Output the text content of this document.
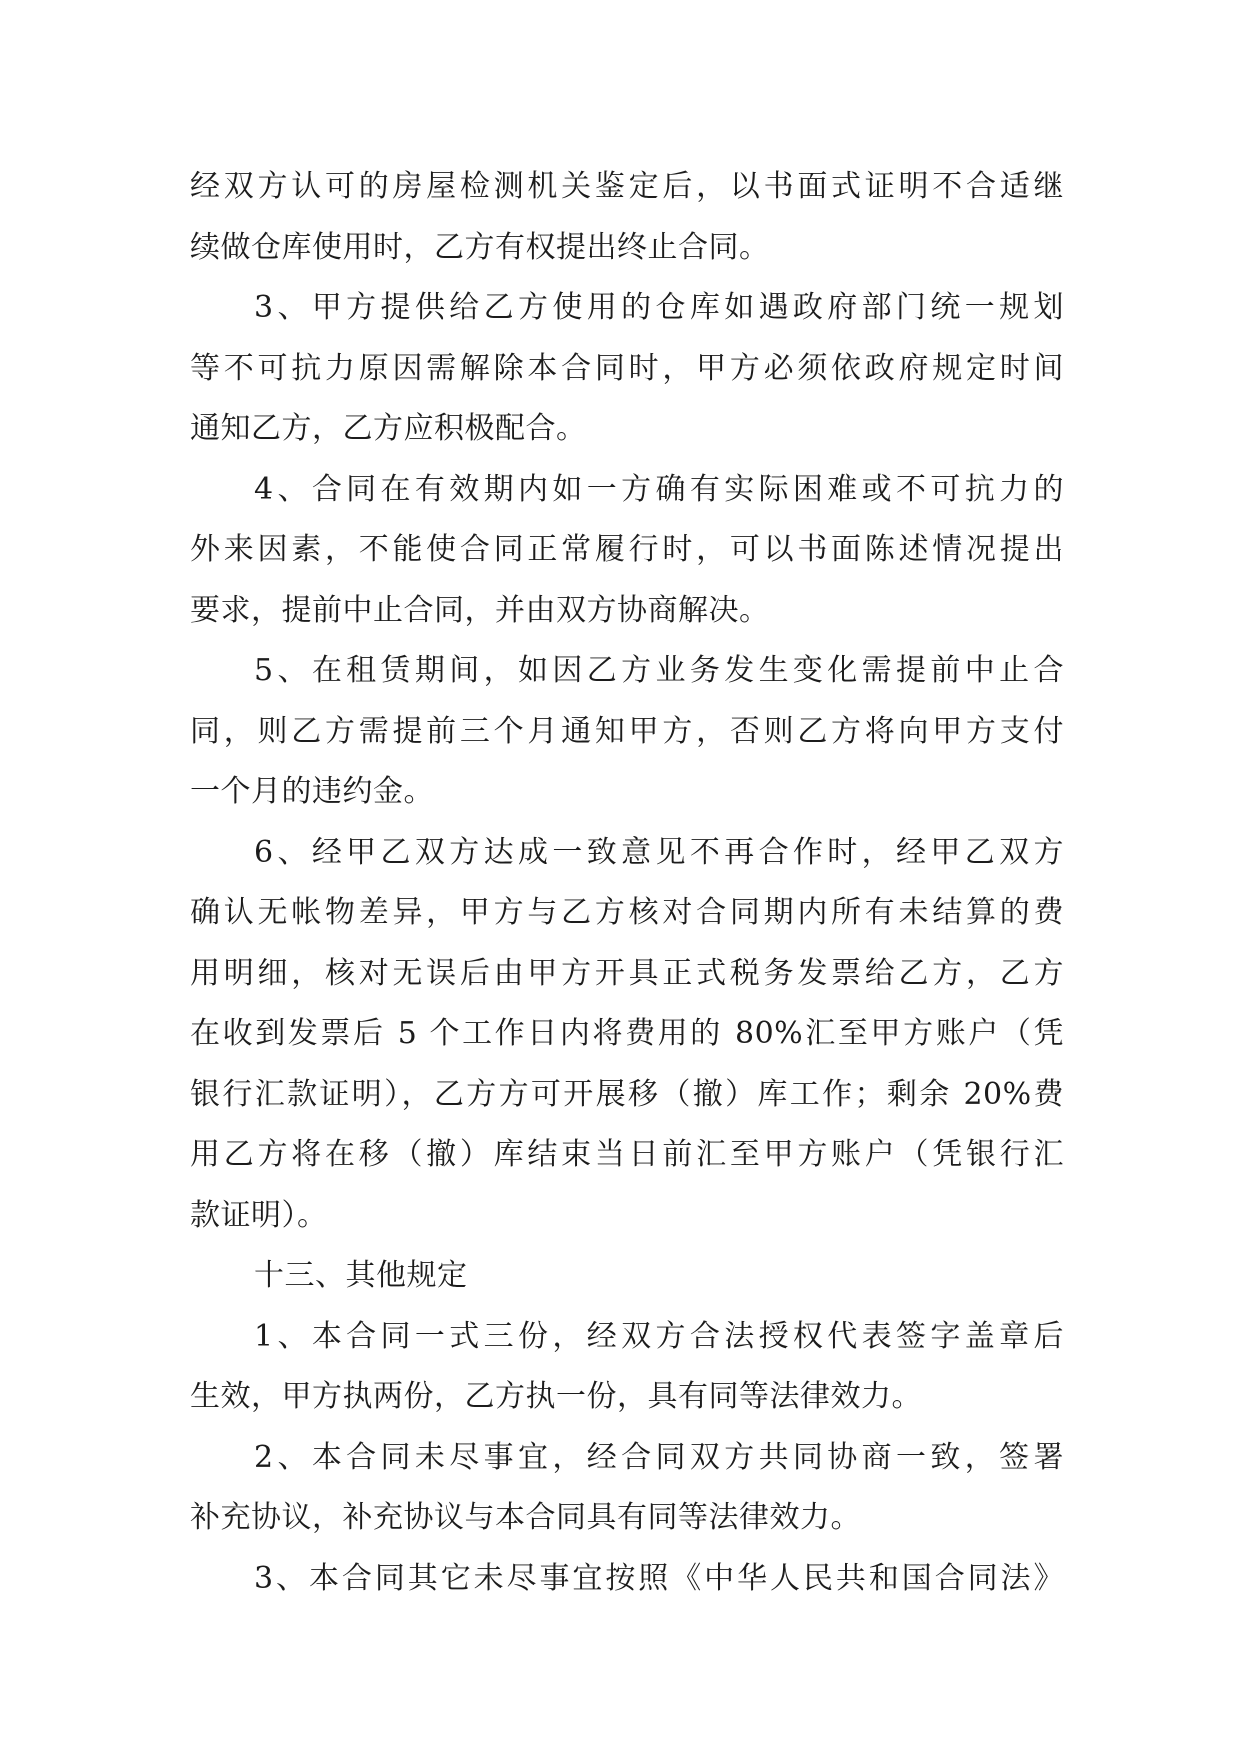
经双方认可的房屋检测机关鉴定后，以书面式证明不合适继
续做仓库使用时，乙方有权提出终止合同。
3、甲方提供给乙方使用的仓库如遇政府部门统一规划
等不可抗力原因需解除本合同时，甲方必须依政府规定时间
通知乙方，乙方应积极配合。
4、合同在有效期内如一方确有实际困难或不可抗力的
外来因素，不能使合同正常履行时，可以书面陈述情况提出
要求，提前中止合同，并由双方协商解决。
5、在租赁期间，如因乙方业务发生变化需提前中止合
同，则乙方需提前三个月通知甲方，否则乙方将向甲方支付
一个月的违约金。
6、经甲乙双方达成一致意见不再合作时，经甲乙双方
确认无帐物差异，甲方与乙方核对合同期内所有未结算的费
用明细，核对无误后由甲方开具正式税务发票给乙方，乙方
在收到发票后 5 个工作日内将费用的 80%汇至甲方账户（凭
银行汇款证明），乙方方可开展移（撤）库工作；剩余 20%费
用乙方将在移（撤）库结束当日前汇至甲方账户（凭银行汇
款证明）。
十三、其他规定
1、本合同一式三份，经双方合法授权代表签字盖章后
生效，甲方执两份，乙方执一份，具有同等法律效力。
2、本合同未尽事宜，经合同双方共同协商一致，签署
补充协议，补充协议与本合同具有同等法律效力。
3、本合同其它未尽事宜按照《中华人民共和国合同法》
